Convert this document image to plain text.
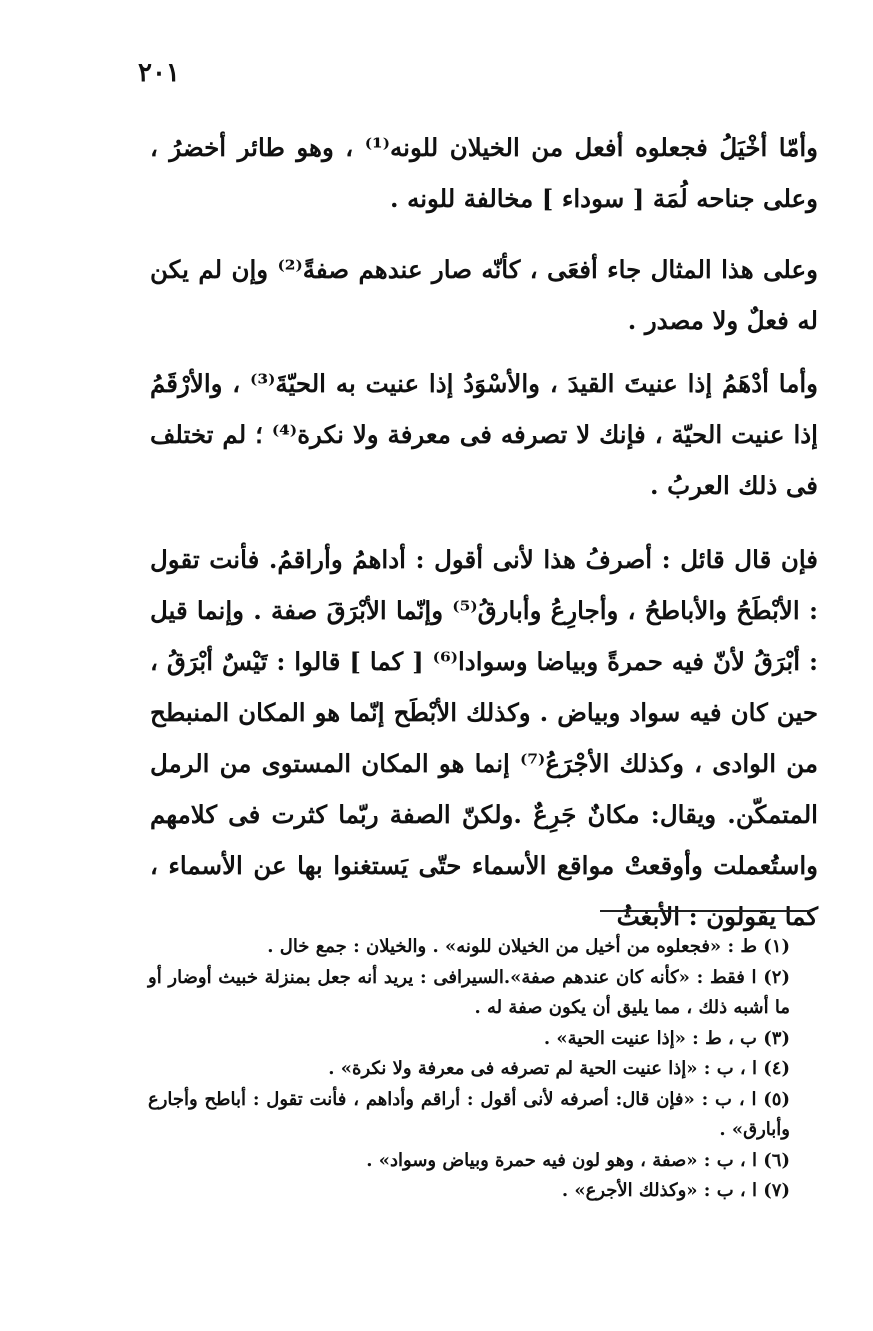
٢٠١

وأمّا أخْيَلُ فجعلوه أفعل من الخيلان للونه⁽¹⁾ ، وهو طائر أخضرُ ، وعلى جناحه لُمَة [ سوداء ] مخالفة للونه .

وعلى هذا المثال جاء أفعَى ، كأنّه صار عندهم صفةً⁽²⁾ وإن لم يكن له فعلٌ ولا مصدر .

وأما أدْهَمُ إذا عنيتَ القيدَ ، والأسْوَدُ إذا عنيت به الحيّةَ⁽³⁾ ، والأرْقَمُ إذا عنيت الحيّة ، فإنك لا تصرفه فى معرفة ولا نكرة⁽⁴⁾ ؛ لم تختلف فى ذلك العربُ .

فإن قال قائل : أصرفُ هذا لأنى أقول : أداهمُ وأراقمُ. فأنت تقول : الأبْطَحُ والأباطحُ ، وأجارِعُ وأبارقُ⁽⁵⁾ وإنّما الأبْرَقَ صفة . وإنما قيل : أبْرَقُ لأنّ فيه حمرةً وبياضا وسوادا⁽⁶⁾ [ كما ] قالوا : تَيْسٌ أبْرَقُ ، حين كان فيه سواد وبياض . وكذلك الأبْطَح إنّما هو المكان المنبطح من الوادى ، وكذلك الأجْرَعُ⁽⁷⁾ إنما هو المكان المستوى من الرمل المتمكّن. ويقال: مكانٌ جَرِعٌ .ولكنّ الصفة ربّما كثرت فى كلامهم واستُعملت وأوقعتْ مواقع الأسماء حتّى يَستغنوا بها عن الأسماء ، كما يقولون : الأبغثُ

(١) ط : «فجعلوه من أخيل من الخيلان للونه» . والخيلان : جمع خال .

(٢) ا فقط : «كأنه كان عندهم صفة».السيرافى : يريد أنه جعل بمنزلة خبيث أوضار أو ما أشبه ذلك ، مما يليق أن يكون صفة له .

(٣) ب ، ط : «إذا عنيت الحية» .

(٤) ا ، ب : «إذا عنيت الحية لم تصرفه فى معرفة ولا نكرة» .

(٥) ا ، ب : «فإن قال: أصرفه لأنى أقول : أراقم وأداهم ، فأنت تقول : أباطح وأجارع وأبارق» .

(٦) ا ، ب : «صفة ، وهو لون فيه حمرة وبياض وسواد» .

(٧) ا ، ب : «وكذلك الأجرع» .
